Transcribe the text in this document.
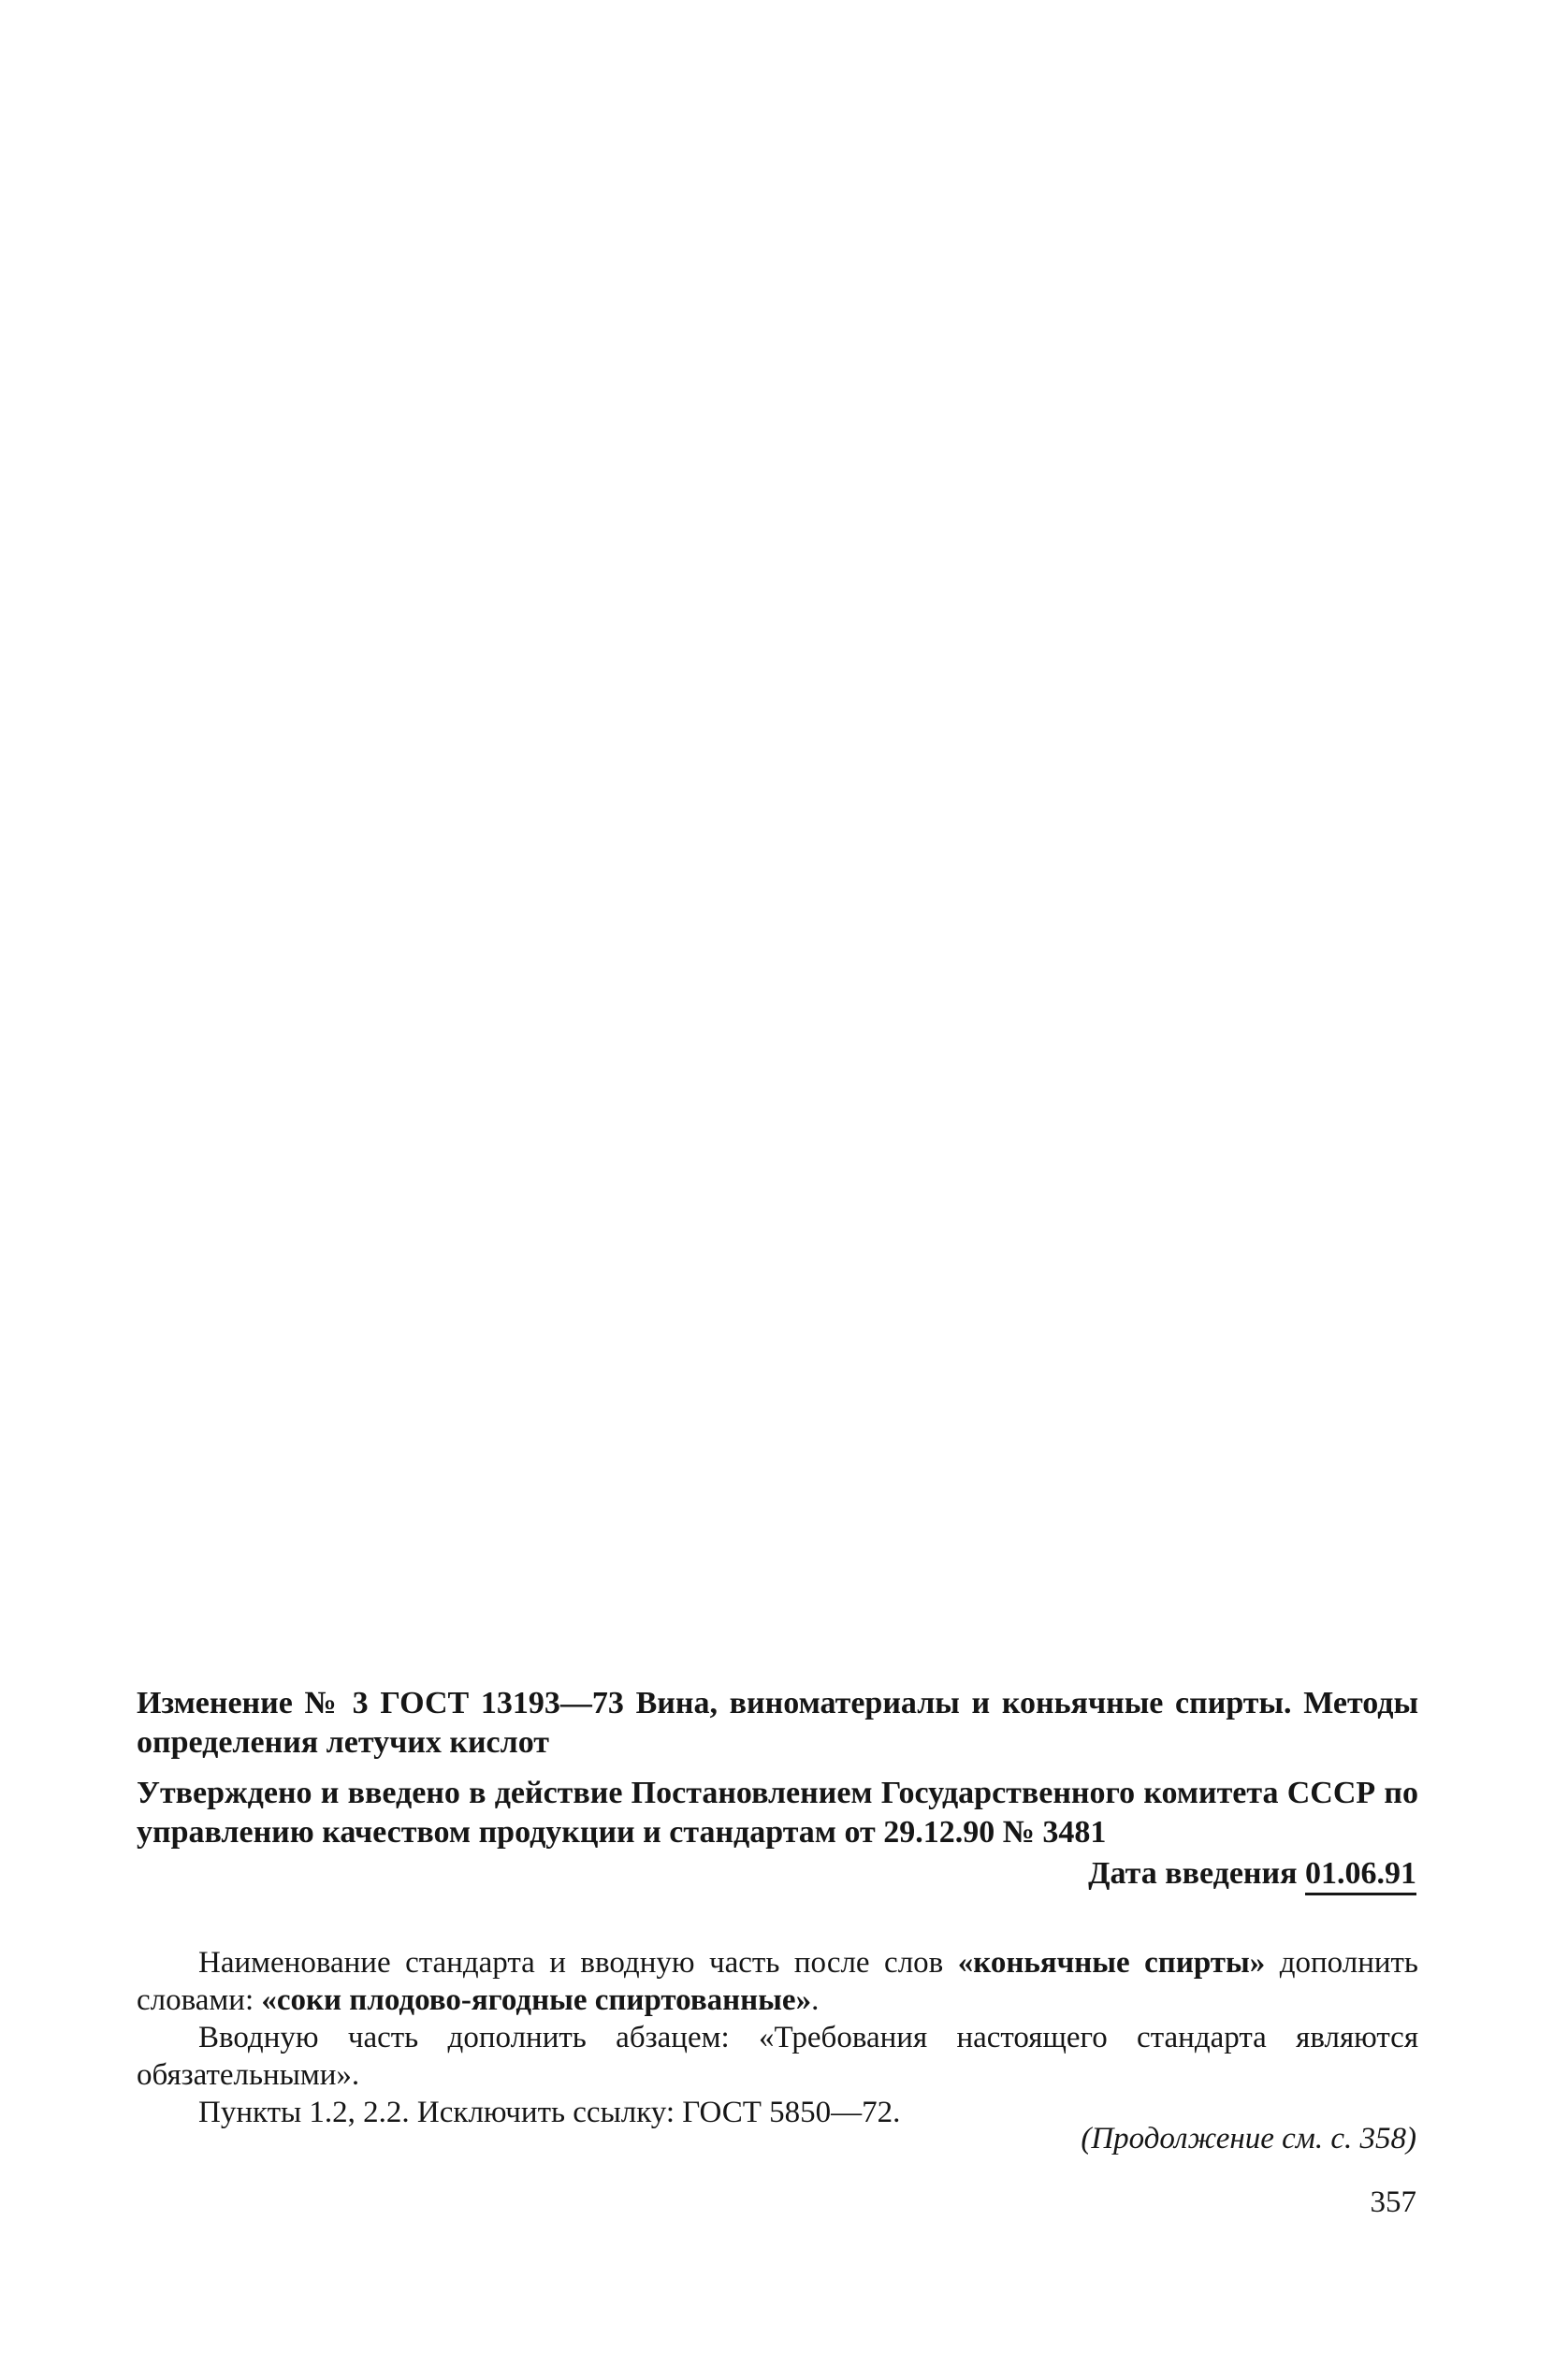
Изменение № 3 ГОСТ 13193—73 Вина, виноматериалы и коньячные спирты. Методы определения летучих кислот
Утверждено и введено в действие Постановлением Государственного комитета СССР по управлению качеством продукции и стандартам от 29.12.90 № 3481
Дата введения 01.06.91

Наименование стандарта и вводную часть после слов «коньячные спирты» дополнить словами: «соки плодово-ягодные спиртованные».

Вводную часть дополнить абзацем: «Требования настоящего стандарта являются обязательными».

Пункты 1.2, 2.2. Исключить ссылку: ГОСТ 5850—72.

(Продолжение см. с. 358)
357
